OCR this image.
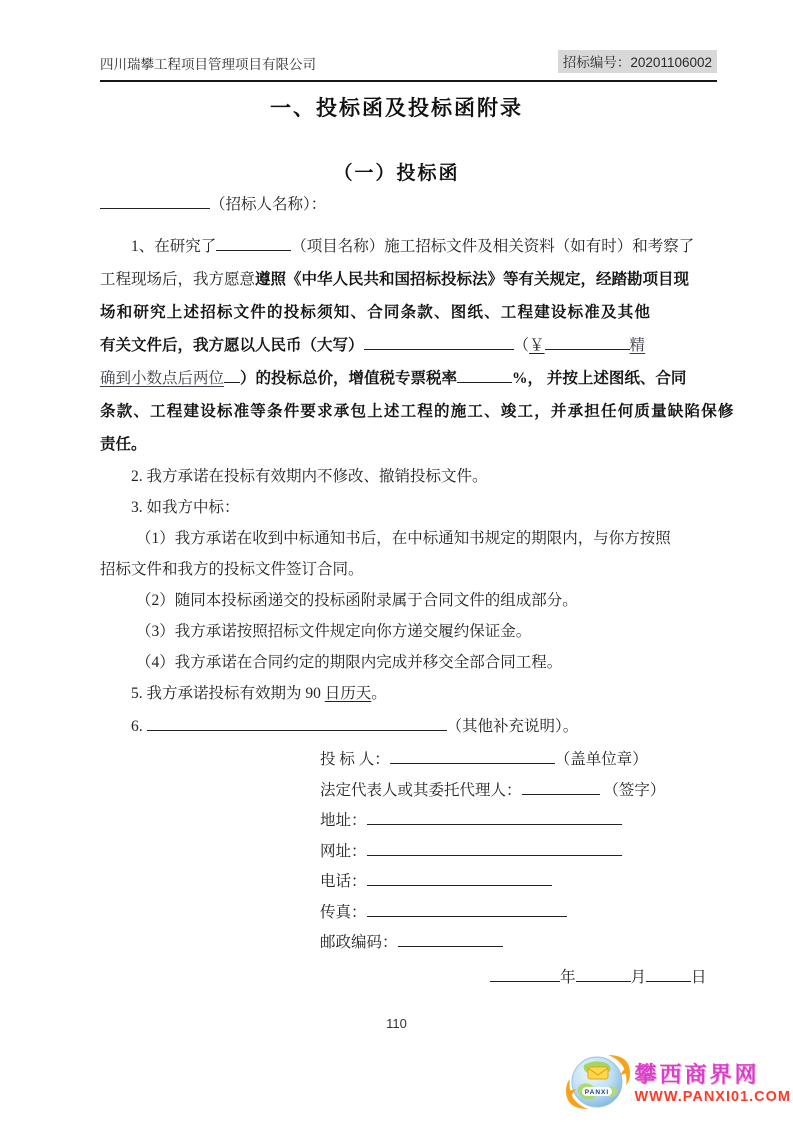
四川瑞攀工程项目管理项目有限公司	招标编号：20201106002
一、投标函及投标函附录
（一）投标函
（招标人名称）：
1、在研究了	（项目名称）施工招标文件及相关资料（如有时）和考察了
工程现场后，我方愿意遵照《中华人民共和国招标投标法》等有关规定，经踏勘项目现
场和研究上述招标文件的投标须知、合同条款、图纸、工程建设标准及其他
有关文件后，我方愿以人民币（大写）	（￥	精
确到小数点后两位 ）的投标总价，增值税专票税率	%， 并按上述图纸、合同
条款、工程建设标准等条件要求承包上述工程的施工、竣工，并承担任何质量缺陷保修
责任。
2. 我方承诺在投标有效期内不修改、撤销投标文件。
3. 如我方中标：
（1）我方承诺在收到中标通知书后，在中标通知书规定的期限内，与你方按照
招标文件和我方的投标文件签订合同。
（2）随同本投标函递交的投标函附录属于合同文件的组成部分。
（3）我方承诺按照招标文件规定向你方递交履约保证金。
（4）我方承诺在合同约定的期限内完成并移交全部合同工程。
5. 我方承诺投标有效期为 90 日历天。
6.	（其他补充说明）。
投 标 人：	（盖单位章）
法定代表人或其委托代理人：	（签字）
地址：
网址：
电话：
传真：
邮政编码：
年	月	日
110
PANXI
攀西商界网
WWW.PANXI01.COM
